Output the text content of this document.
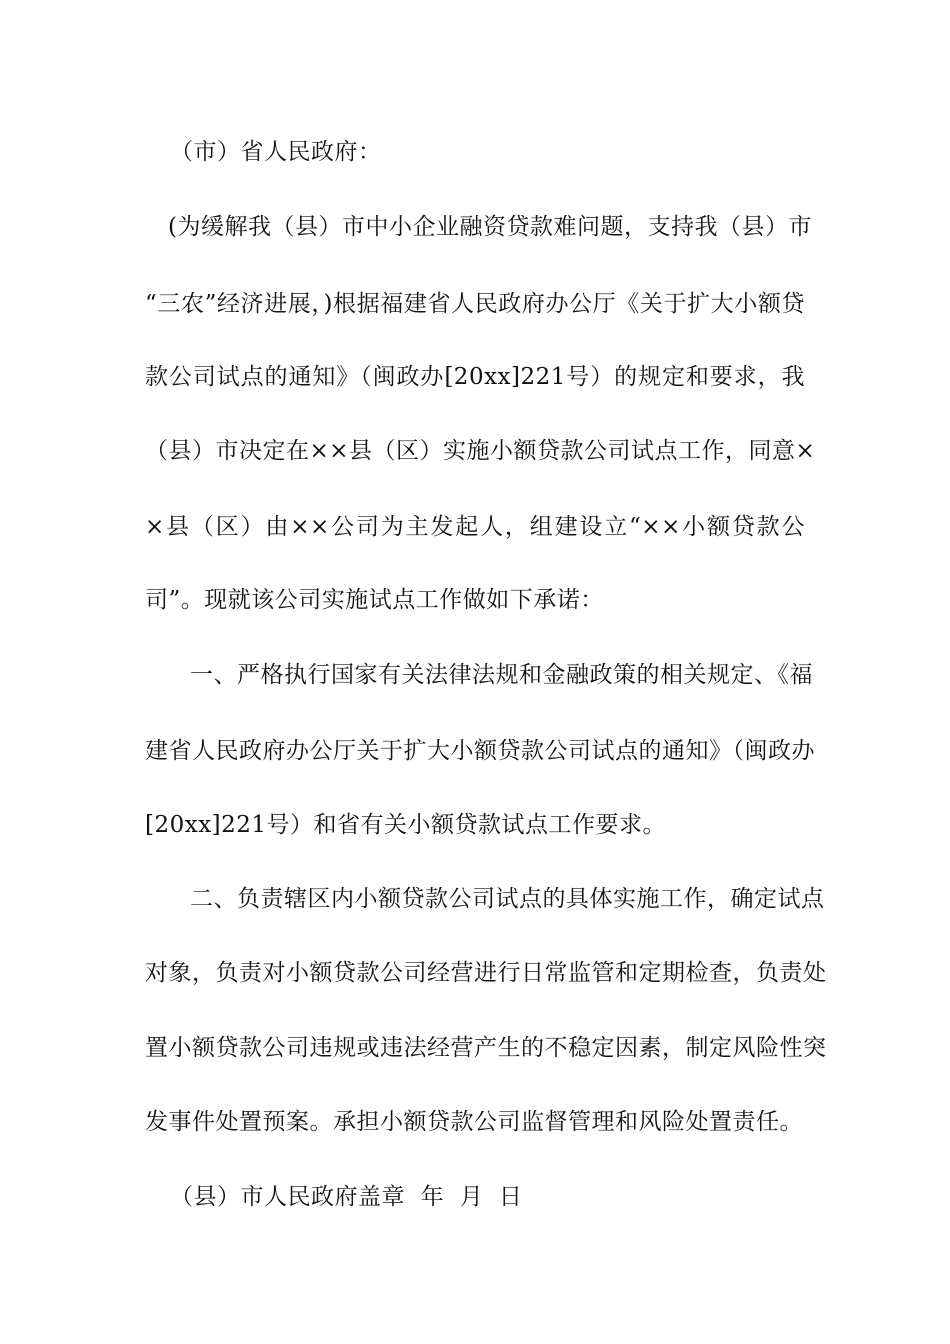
（市）省人民政府：
(为缓解我（县）市中小企业融资贷款难问题，支持我（县）市
“三农”经济进展，)根据福建省人民政府办公厅《关于扩大小额贷
款公司试点的通知》（闽政办[20xx]221号）的规定和要求，我
（县）市决定在××县（区）实施小额贷款公司试点工作，同意×
×县（区）由××公司为主发起人，组建设立“××小额贷款公
司”。现就该公司实施试点工作做如下承诺：
一、严格执行国家有关法律法规和金融政策的相关规定、《福
建省人民政府办公厅关于扩大小额贷款公司试点的通知》（闽政办
[20xx]221号）和省有关小额贷款试点工作要求。
二、负责辖区内小额贷款公司试点的具体实施工作，确定试点
对象，负责对小额贷款公司经营进行日常监管和定期检查，负责处
置小额贷款公司违规或违法经营产生的不稳定因素，制定风险性突
发事件处置预案。承担小额贷款公司监督管理和风险处置责任。
（县）市人民政府盖章  年  月  日
